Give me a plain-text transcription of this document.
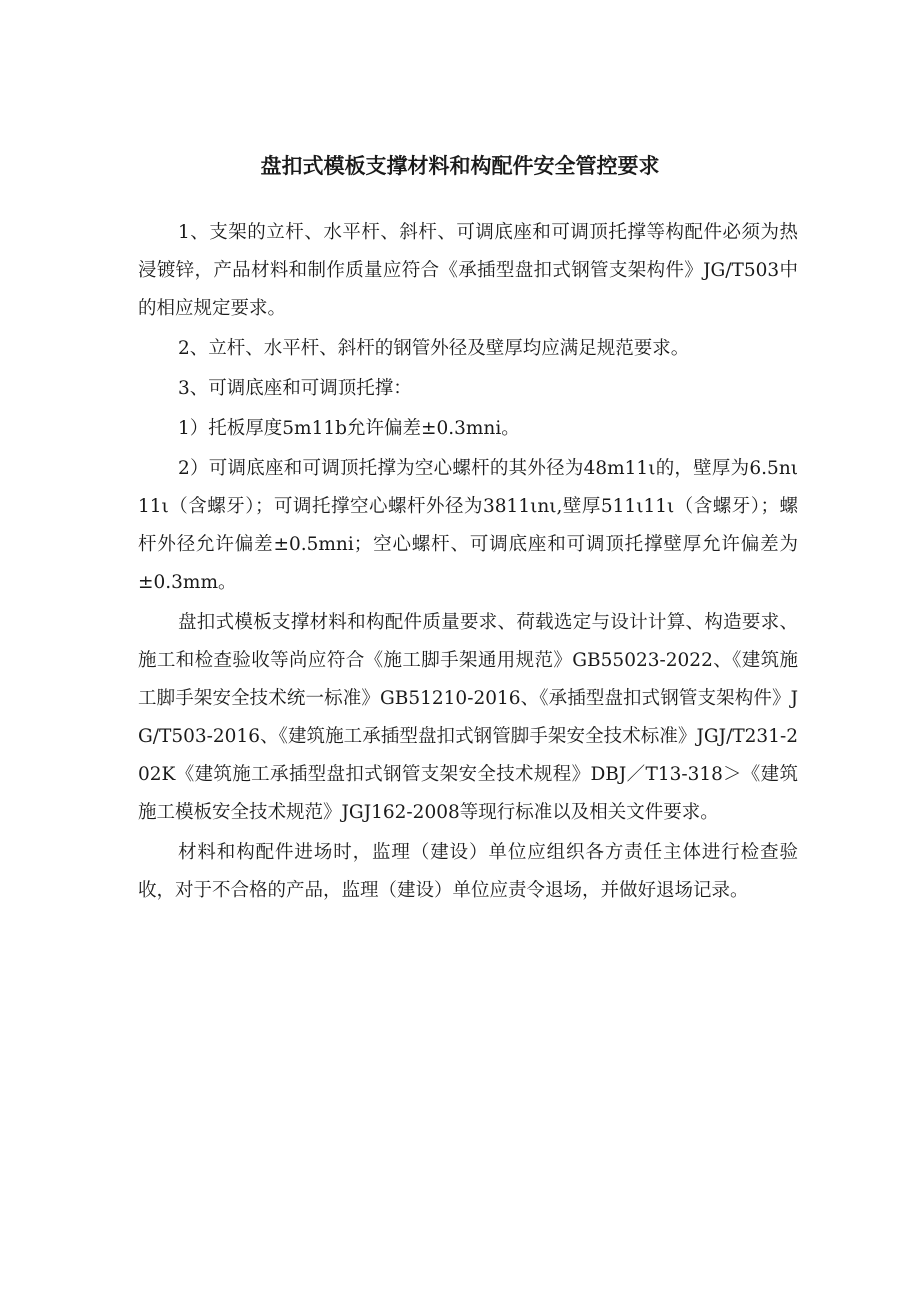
盘扣式模板支撑材料和构配件安全管控要求

1、支架的立杆、水平杆、斜杆、可调底座和可调顶托撑等构配件必须为热浸镀锌，产品材料和制作质量应符合《承插型盘扣式钢管支架构件》JG/T503中的相应规定要求。

2、立杆、水平杆、斜杆的钢管外径及壁厚均应满足规范要求。

3、可调底座和可调顶托撑：

1）托板厚度5m11b允许偏差±0.3mni。

2）可调底座和可调顶托撑为空心螺杆的其外径为48m11ι的，壁厚为6.5nι11ι（含螺牙）；可调托撑空心螺杆外径为3811ιnι,壁厚511ι11ι（含螺牙）；螺杆外径允许偏差±0.5mni；空心螺杆、可调底座和可调顶托撑壁厚允许偏差为±0.3mm。

盘扣式模板支撑材料和构配件质量要求、荷载选定与设计计算、构造要求、施工和检查验收等尚应符合《施工脚手架通用规范》GB55023-2022、《建筑施工脚手架安全技术统一标准》GB51210-2016、《承插型盘扣式钢管支架构件》JG/T503-2016、《建筑施工承插型盘扣式钢管脚手架安全技术标准》JGJ/T231-202K《建筑施工承插型盘扣式钢管支架安全技术规程》DBJ／T13-318＞《建筑施工模板安全技术规范》JGJ162-2008等现行标准以及相关文件要求。

材料和构配件进场时，监理（建设）单位应组织各方责任主体进行检查验收，对于不合格的产品，监理（建设）单位应责令退场，并做好退场记录。
